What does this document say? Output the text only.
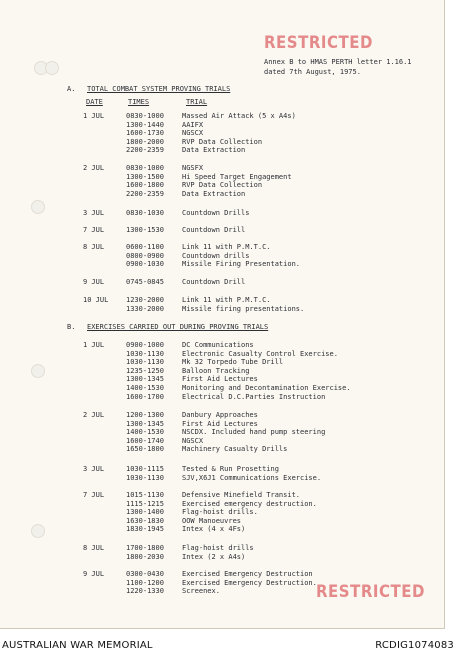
RESTRICTED
Annex B to HMAS PERTH letter 1.16.1
dated 7th August, 1975.
A. TOTAL COMBAT SYSTEM PROVING TRIALS
DATE	TIMES	TRIAL
1 JUL	0830-1000	Massed Air Attack (5 x A4s)
1300-1440	AAIFX
1600-1730	NGSCX
1800-2000	RVP Data Collection
2200-2359	Data Extraction
2 JUL	0830-1000	NGSFX
1300-1500	Hi Speed Target Engagement
1600-1800	RVP Data Collection
2200-2359	Data Extraction
3 JUL	0830-1030	Countdown Drills
7 JUL	1300-1530	Countdown Drill
8 JUL	0600-1100	Link 11 with P.M.T.C.
0800-0900	Countdown drills
0900-1030	Missile Firing Presentation.
9 JUL	0745-0845	Countdown Drill
10 JUL	1230-2000	Link 11 with P.M.T.C.
1330-2000	Missile firing presentations.
B. EXERCISES CARRIED OUT DURING PROVING TRIALS
1 JUL	0900-1000	DC Communications
1030-1130	Electronic Casualty Control Exercise.
1030-1130	Mk 32 Torpedo Tube Drill
1235-1250	Balloon Tracking
1300-1345	First Aid Lectures
1400-1530	Monitoring and Decontamination Exercise.
1600-1700	Electrical D.C.Parties Instruction
2 JUL	1200-1300	Danbury Approaches
1300-1345	First Aid Lectures
1400-1530	NSCDX. Included hand pump steering
1600-1740	NGSCX
1650-1800	Machinery Casualty Drills
3 JUL	1030-1115	Tested & Run Prosetting
1030-1130	SJV,X6J1 Communications Exercise.
7 JUL	1015-1130	Defensive Minefield Transit.
1115-1215	Exercised emergency destruction.
1300-1400	Flag-hoist drills.
1630-1830	OOW Manoeuvres
1830-1945	Intex (4 x 4Fs)
8 JUL	1700-1800	Flag-hoist drills
1800-2030	Intex (2 x A4s)
9 JUL	0300-0430	Exercised Emergency Destruction
1100-1200	Exercised Emergency Destruction.
1220-1330	Screenex.	RESTRICTED
AUSTRALIAN WAR MEMORIAL	RCDIG1074083
